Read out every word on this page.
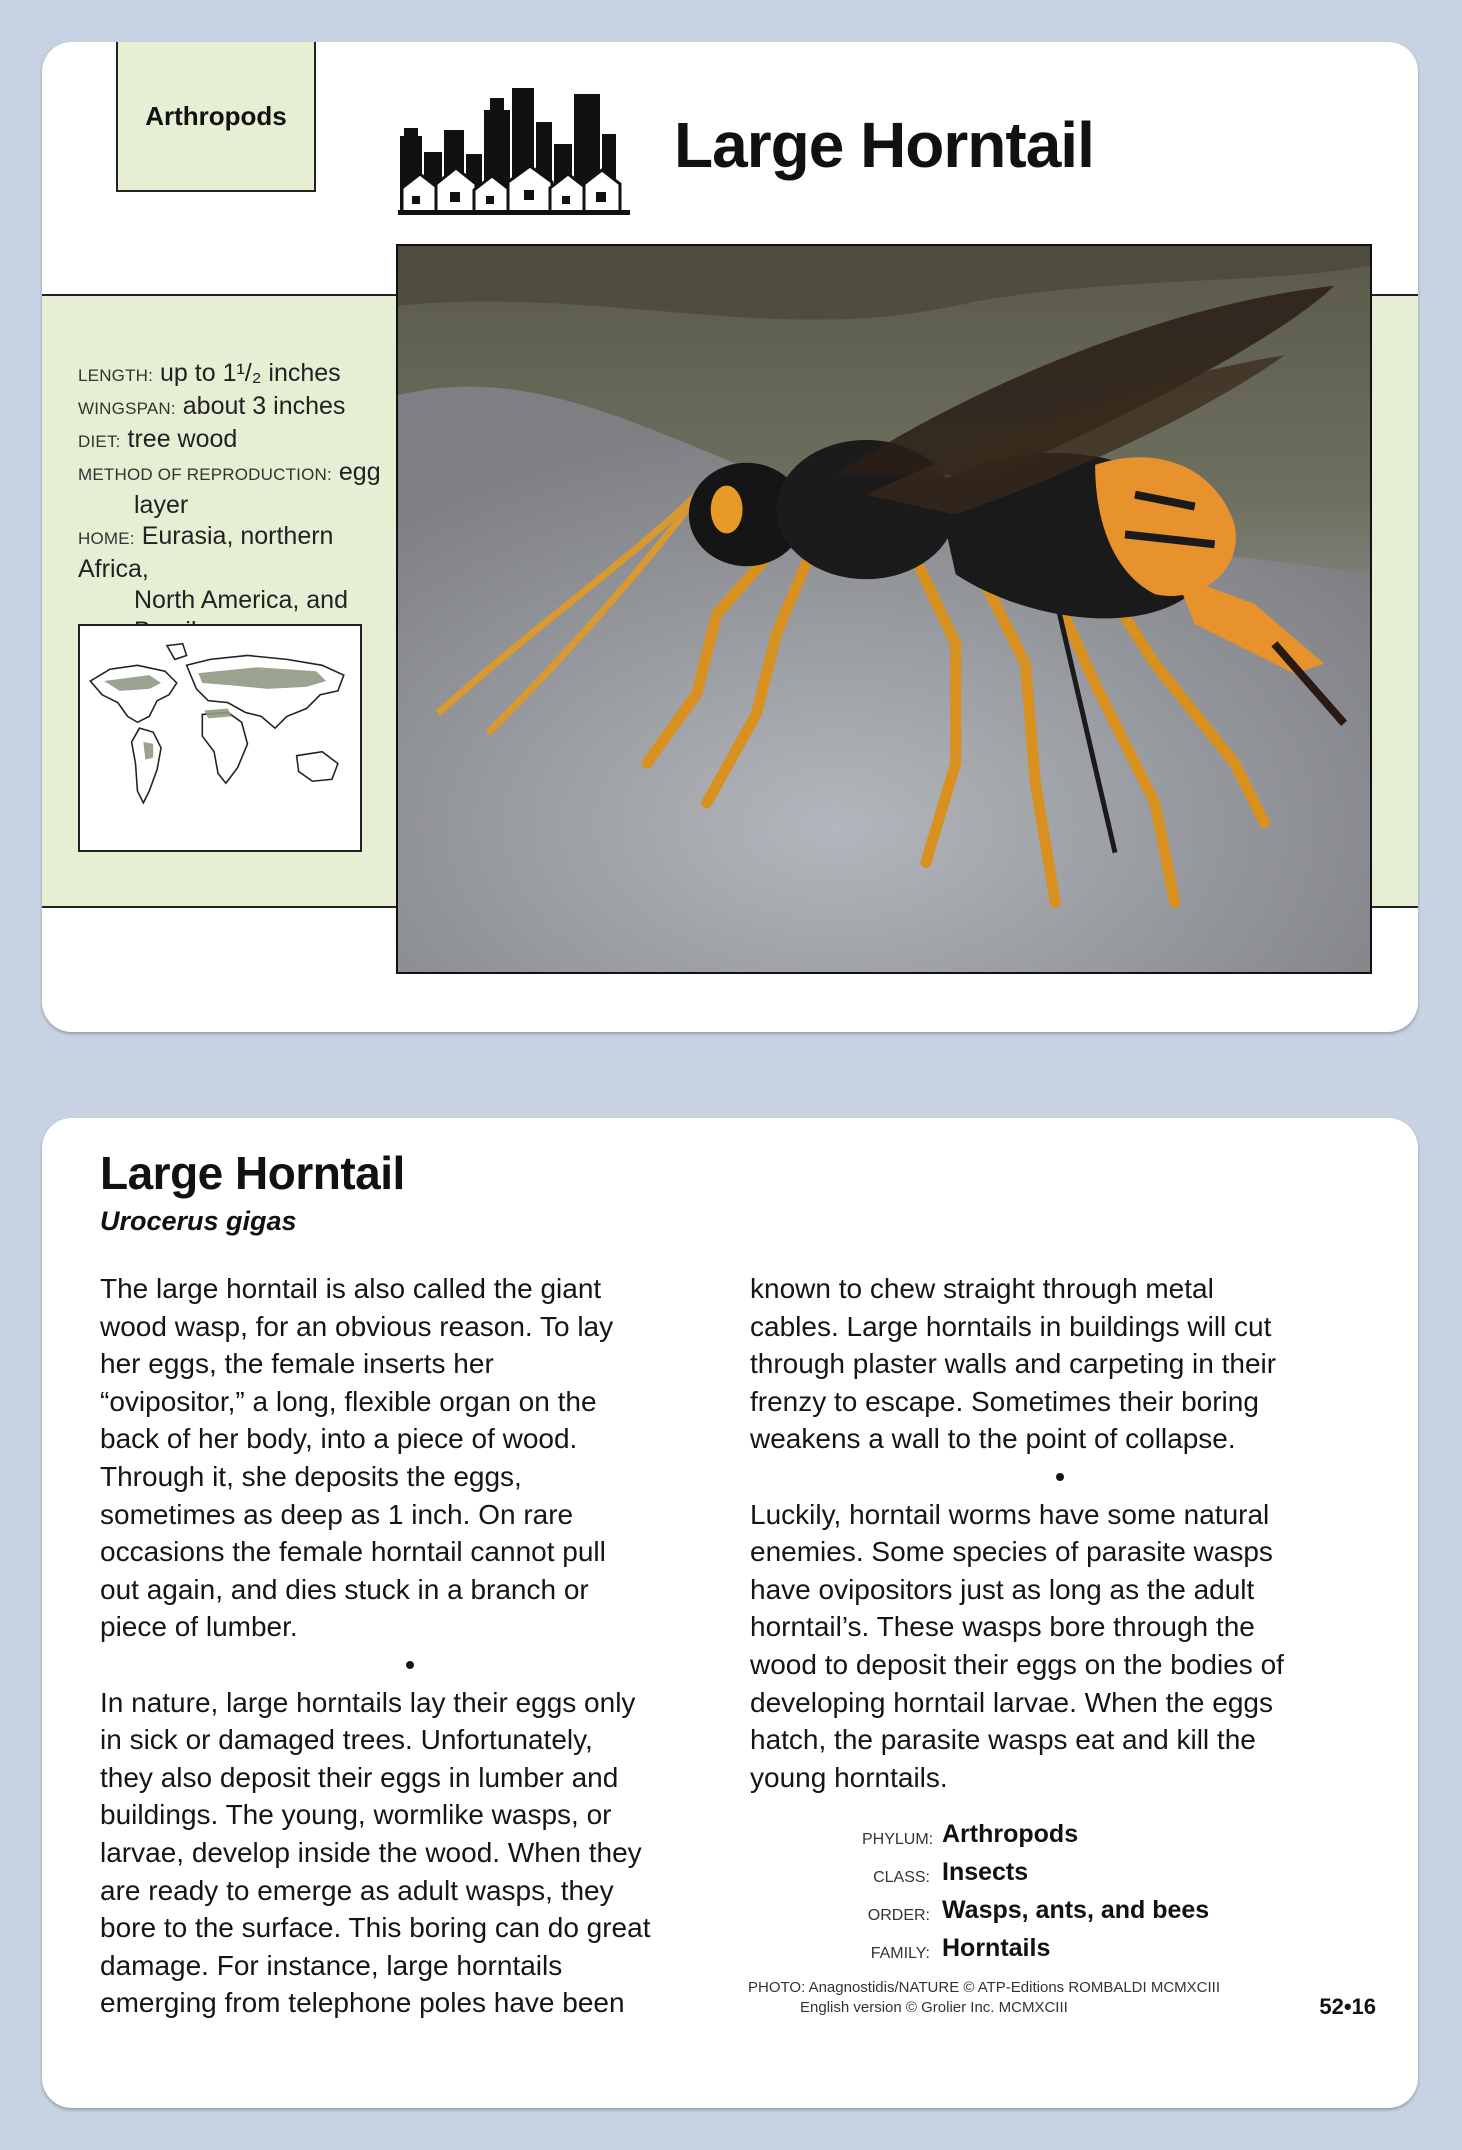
Arthropods	Large Horntail
LENGTH: up to 1¹/₂ inches
WINGSPAN: about 3 inches
DIET: tree wood
METHOD OF REPRODUCTION: egg
layer
HOME: Eurasia, northern Africa,
North America, and
Large Horntail
Urocerus gigas

The large horntail is also called the giant
wood wasp, for an obvious reason. To lay
her eggs, the female inserts her
“ovipositor,” a long, flexible organ on the
back of her body, into a piece of wood.
Through it, she deposits the eggs,
sometimes as deep as 1 inch. On rare
occasions the female horntail cannot pull
out again, and dies stuck in a branch or
piece of lumber.

•

In nature, large horntails lay their eggs only
in sick or damaged trees. Unfortunately,
they also deposit their eggs in lumber and
buildings. The young, wormlike wasps, or
larvae, develop inside the wood. When they
are ready to emerge as adult wasps, they
bore to the surface. This boring can do great
damage. For instance, large horntails
emerging from telephone poles have been

known to chew straight through metal
cables. Large horntails in buildings will cut
through plaster walls and carpeting in their
frenzy to escape. Sometimes their boring
weakens a wall to the point of collapse.

•

Luckily, horntail worms have some natural
enemies. Some species of parasite wasps
have ovipositors just as long as the adult
horntail’s. These wasps bore through the
wood to deposit their eggs on the bodies of
developing horntail larvae. When the eggs
hatch, the parasite wasps eat and kill the
young horntails.

PHYLUM: Arthropods
CLASS: Insects
ORDER: Wasps, ants, and bees
FAMILY: Horntails
PHOTO: Anagnostidis/NATURE © ATP-Editions ROMBALDI MCMXCIII
English version © Grolier Inc. MCMXCIII	52•16
